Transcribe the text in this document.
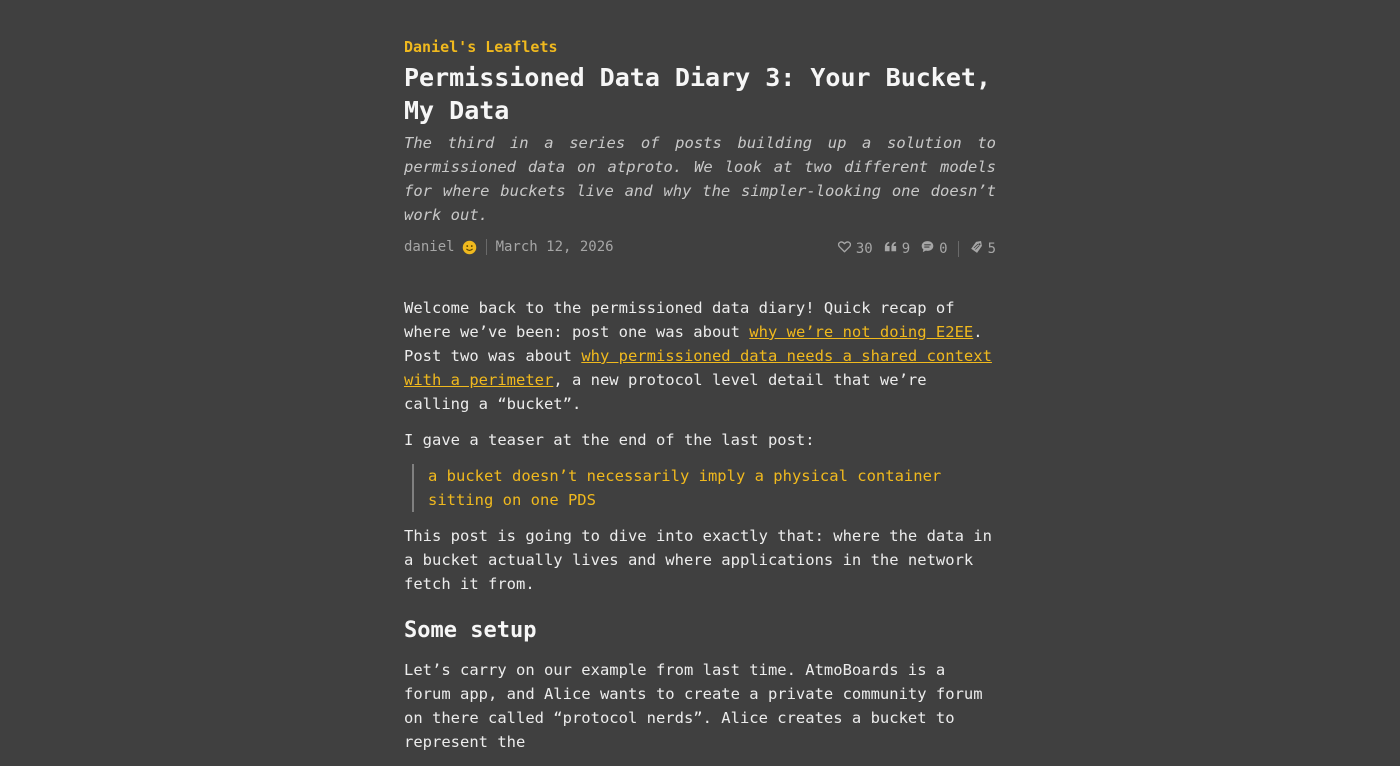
Daniel's Leaflets
Permissioned Data Diary 3: Your Bucket, My Data

The third in a series of posts building up a solution to permissioned data on atproto. We look at two different models for where buckets live and why the simpler-looking one doesn’t work out.

daniel	March 12, 2026	30 9 0	5

Welcome back to the permissioned data diary! Quick recap of where we’ve been: post one was about why we’re not doing E2EE. Post two was about why permissioned data needs a shared context with a perimeter, a new protocol level detail that we’re calling a “bucket”.

I gave a teaser at the end of the last post:

a bucket doesn’t necessarily imply a physical container sitting on one PDS

This post is going to dive into exactly that: where the data in a bucket actually lives and where applications in the network fetch it from.

Some setup

Let’s carry on our example from last time. AtmoBoards is a forum app, and Alice wants to create a private community forum on there called “protocol nerds”. Alice creates a bucket to represent the
